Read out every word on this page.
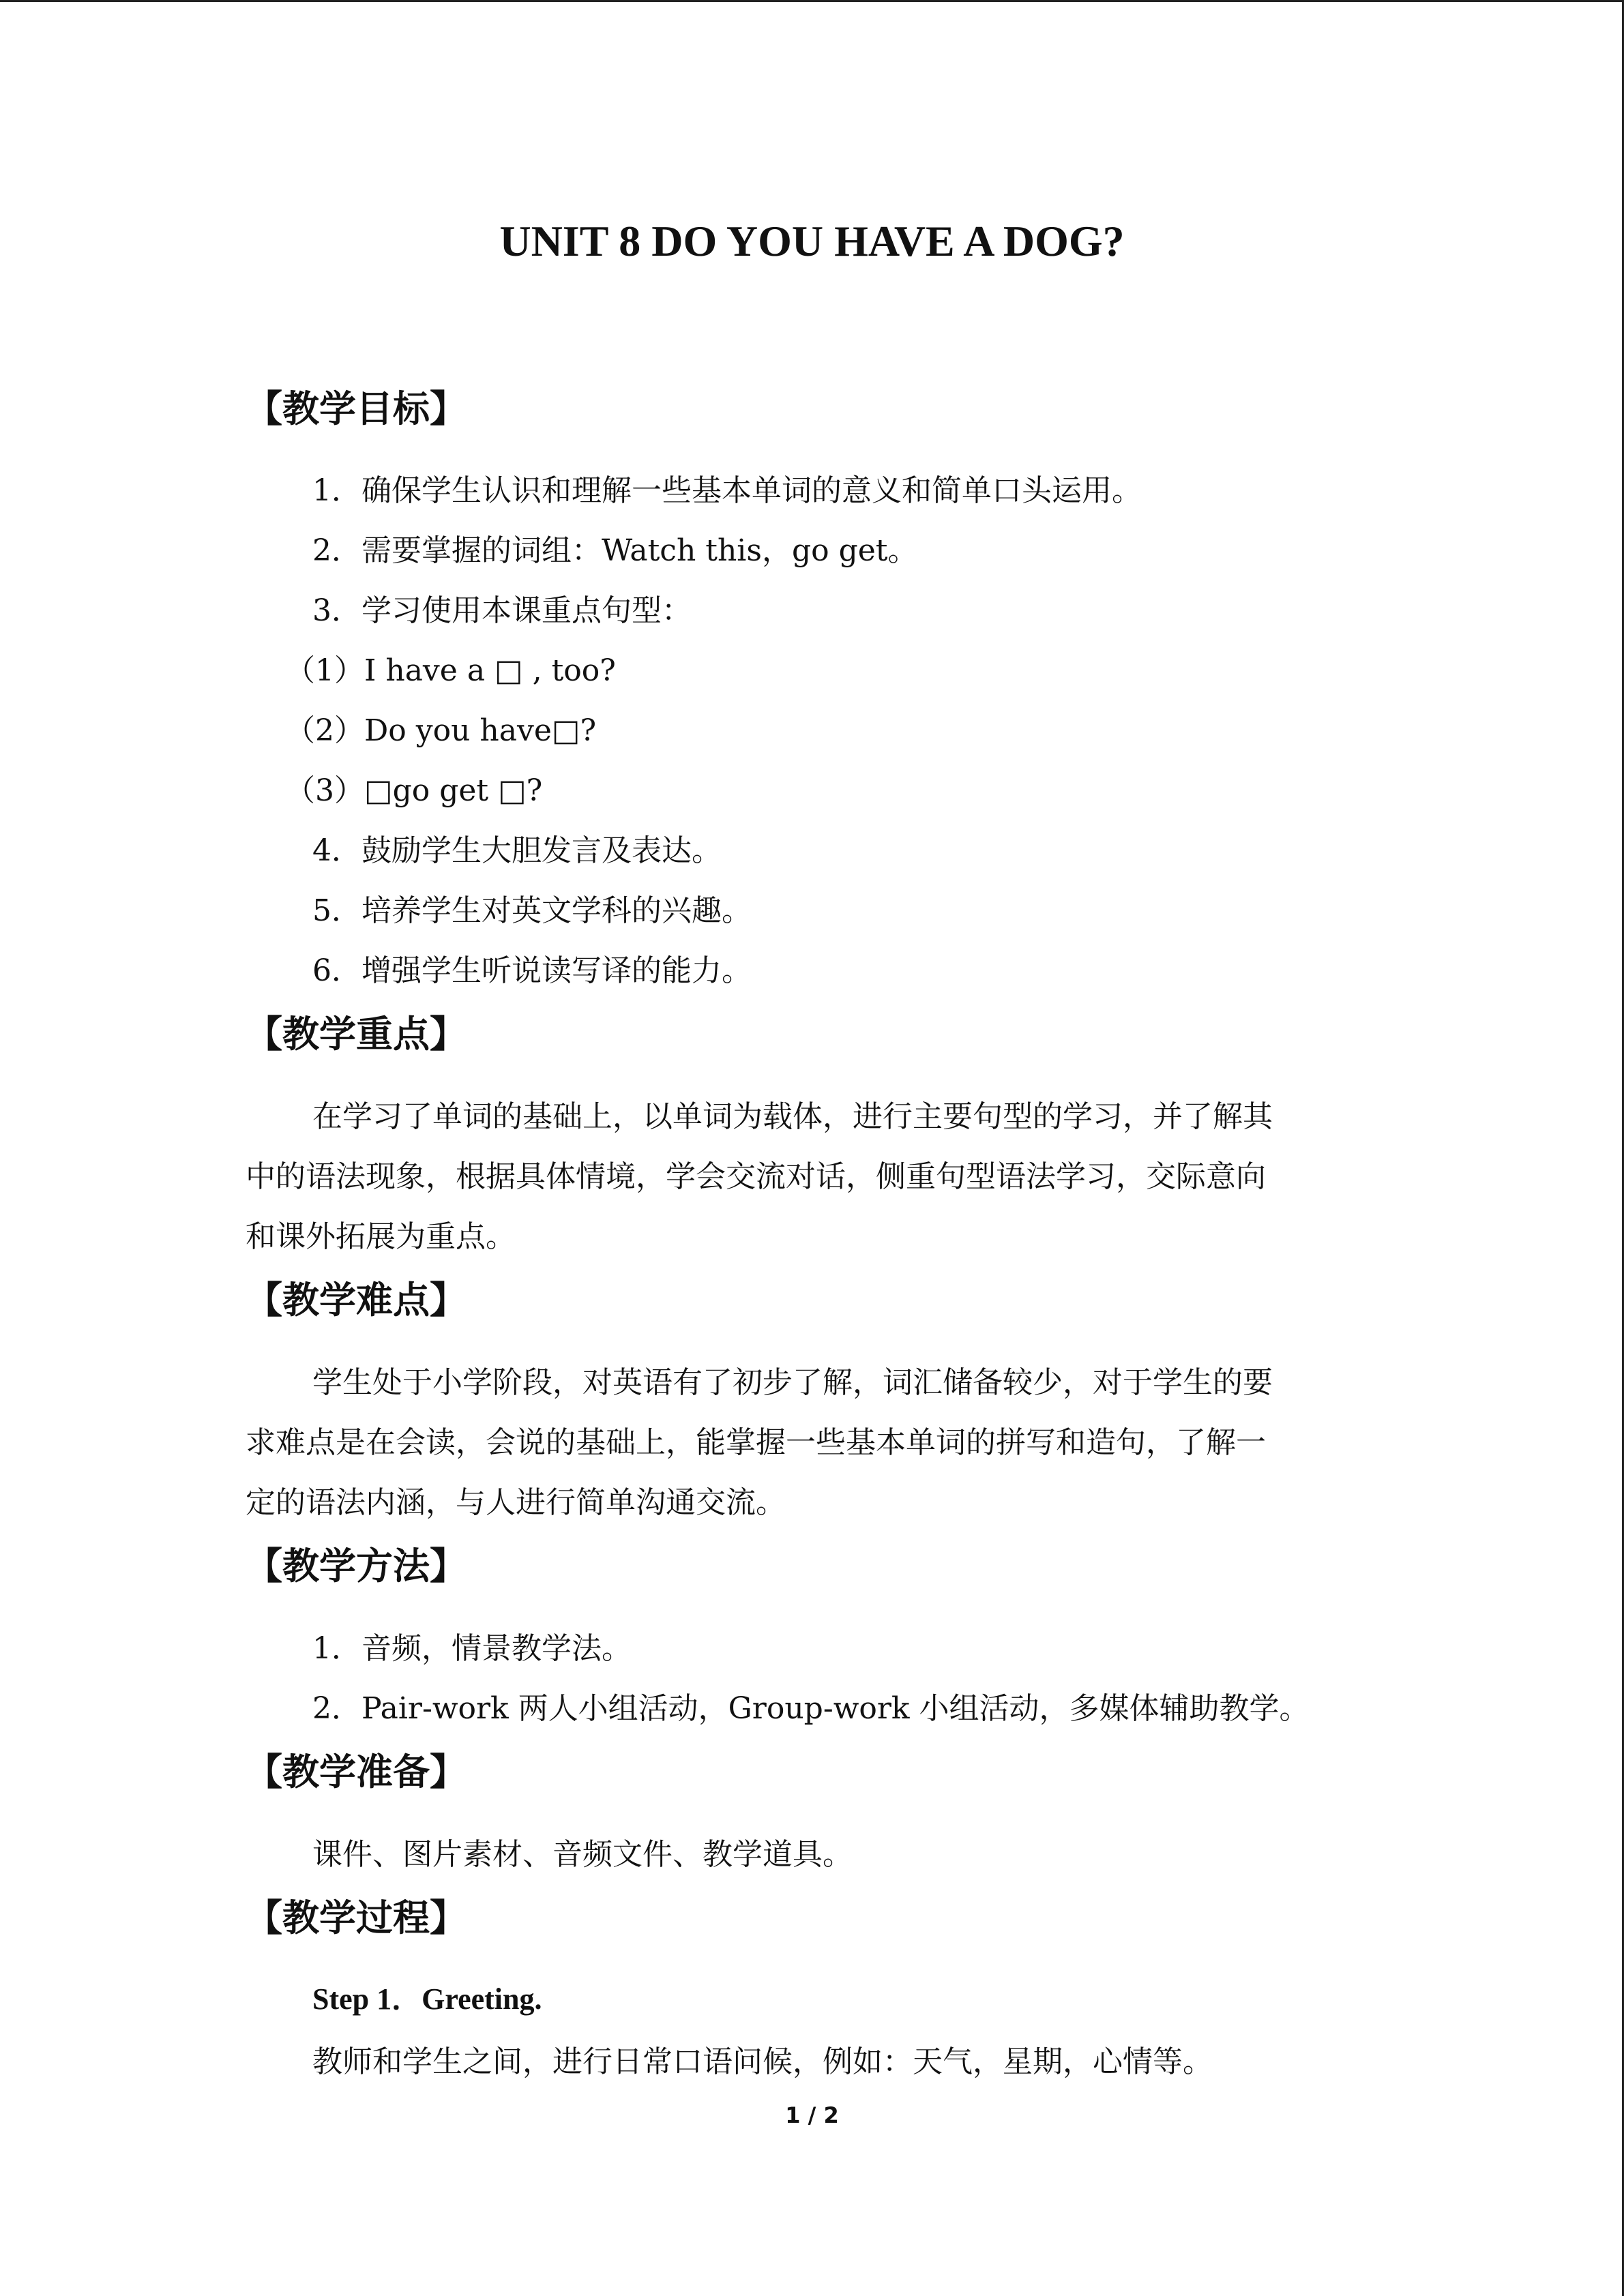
UNIT 8 DO YOU HAVE A DOG?
【教学目标】
1．确保学生认识和理解一些基本单词的意义和简单口头运用。
2．需要掌握的词组：Watch this，go get。
3．学习使用本课重点句型：
（1）I have a □ , too?
（2）Do you have□?
（3）□go get □?
4．鼓励学生大胆发言及表达。
5．培养学生对英文学科的兴趣。
6．增强学生听说读写译的能力。
【教学重点】
在学习了单词的基础上，以单词为载体，进行主要句型的学习，并了解其
中的语法现象，根据具体情境，学会交流对话，侧重句型语法学习，交际意向
和课外拓展为重点。
【教学难点】
学生处于小学阶段，对英语有了初步了解，词汇储备较少，对于学生的要
求难点是在会读，会说的基础上，能掌握一些基本单词的拼写和造句，了解一
定的语法内涵，与人进行简单沟通交流。
【教学方法】
1．音频，情景教学法。
2．Pair-work 两人小组活动，Group-work 小组活动，多媒体辅助教学。
【教学准备】
课件、图片素材、音频文件、教学道具。
【教学过程】
Step 1．Greeting.
教师和学生之间，进行日常口语问候，例如：天气，星期，心情等。
1 / 2
